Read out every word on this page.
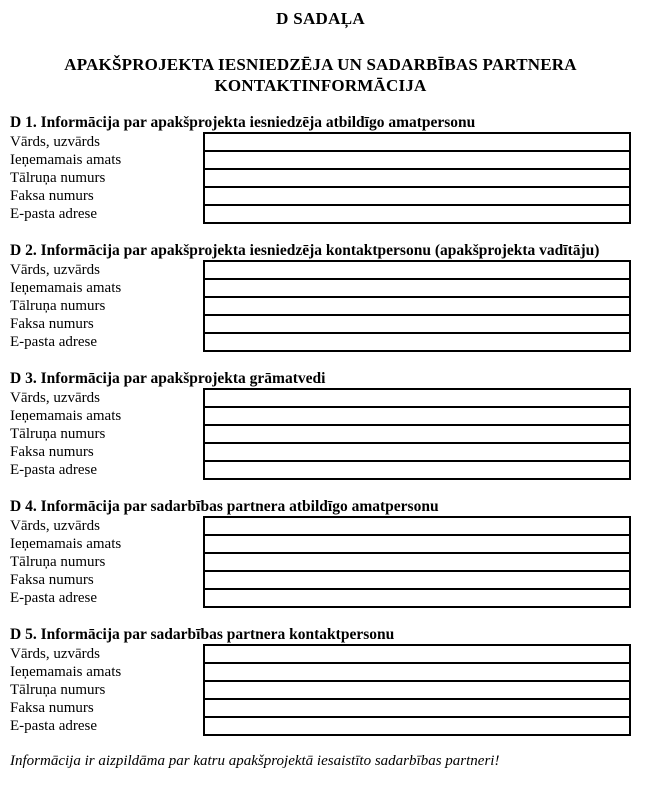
D SADAĻA
APAKŠPROJEKTA IESNIEDZĒJA UN SADARBĪBAS PARTNERA KONTAKTINFORMĀCIJA
D 1. Informācija par apakšprojekta iesniedzēja atbildīgo amatpersonu
Vārds, uzvārds
Ieņemamais amats
Tālruņa numurs
Faksa numurs
E-pasta adrese
D 2. Informācija par apakšprojekta iesniedzēja kontaktpersonu (apakšprojekta vadītāju)
Vārds, uzvārds
Ieņemamais amats
Tālruņa numurs
Faksa numurs
E-pasta adrese
D 3. Informācija par apakšprojekta grāmatvedi
Vārds, uzvārds
Ieņemamais amats
Tālruņa numurs
Faksa numurs
E-pasta adrese
D 4. Informācija par sadarbības partnera atbildīgo amatpersonu
Vārds, uzvārds
Ieņemamais amats
Tālruņa numurs
Faksa numurs
E-pasta adrese
D 5. Informācija par sadarbības partnera kontaktpersonu
Vārds, uzvārds
Ieņemamais amats
Tālruņa numurs
Faksa numurs
E-pasta adrese
Informācija ir aizpildāma par katru apakšprojektā iesaistīto sadarbības partneri!
